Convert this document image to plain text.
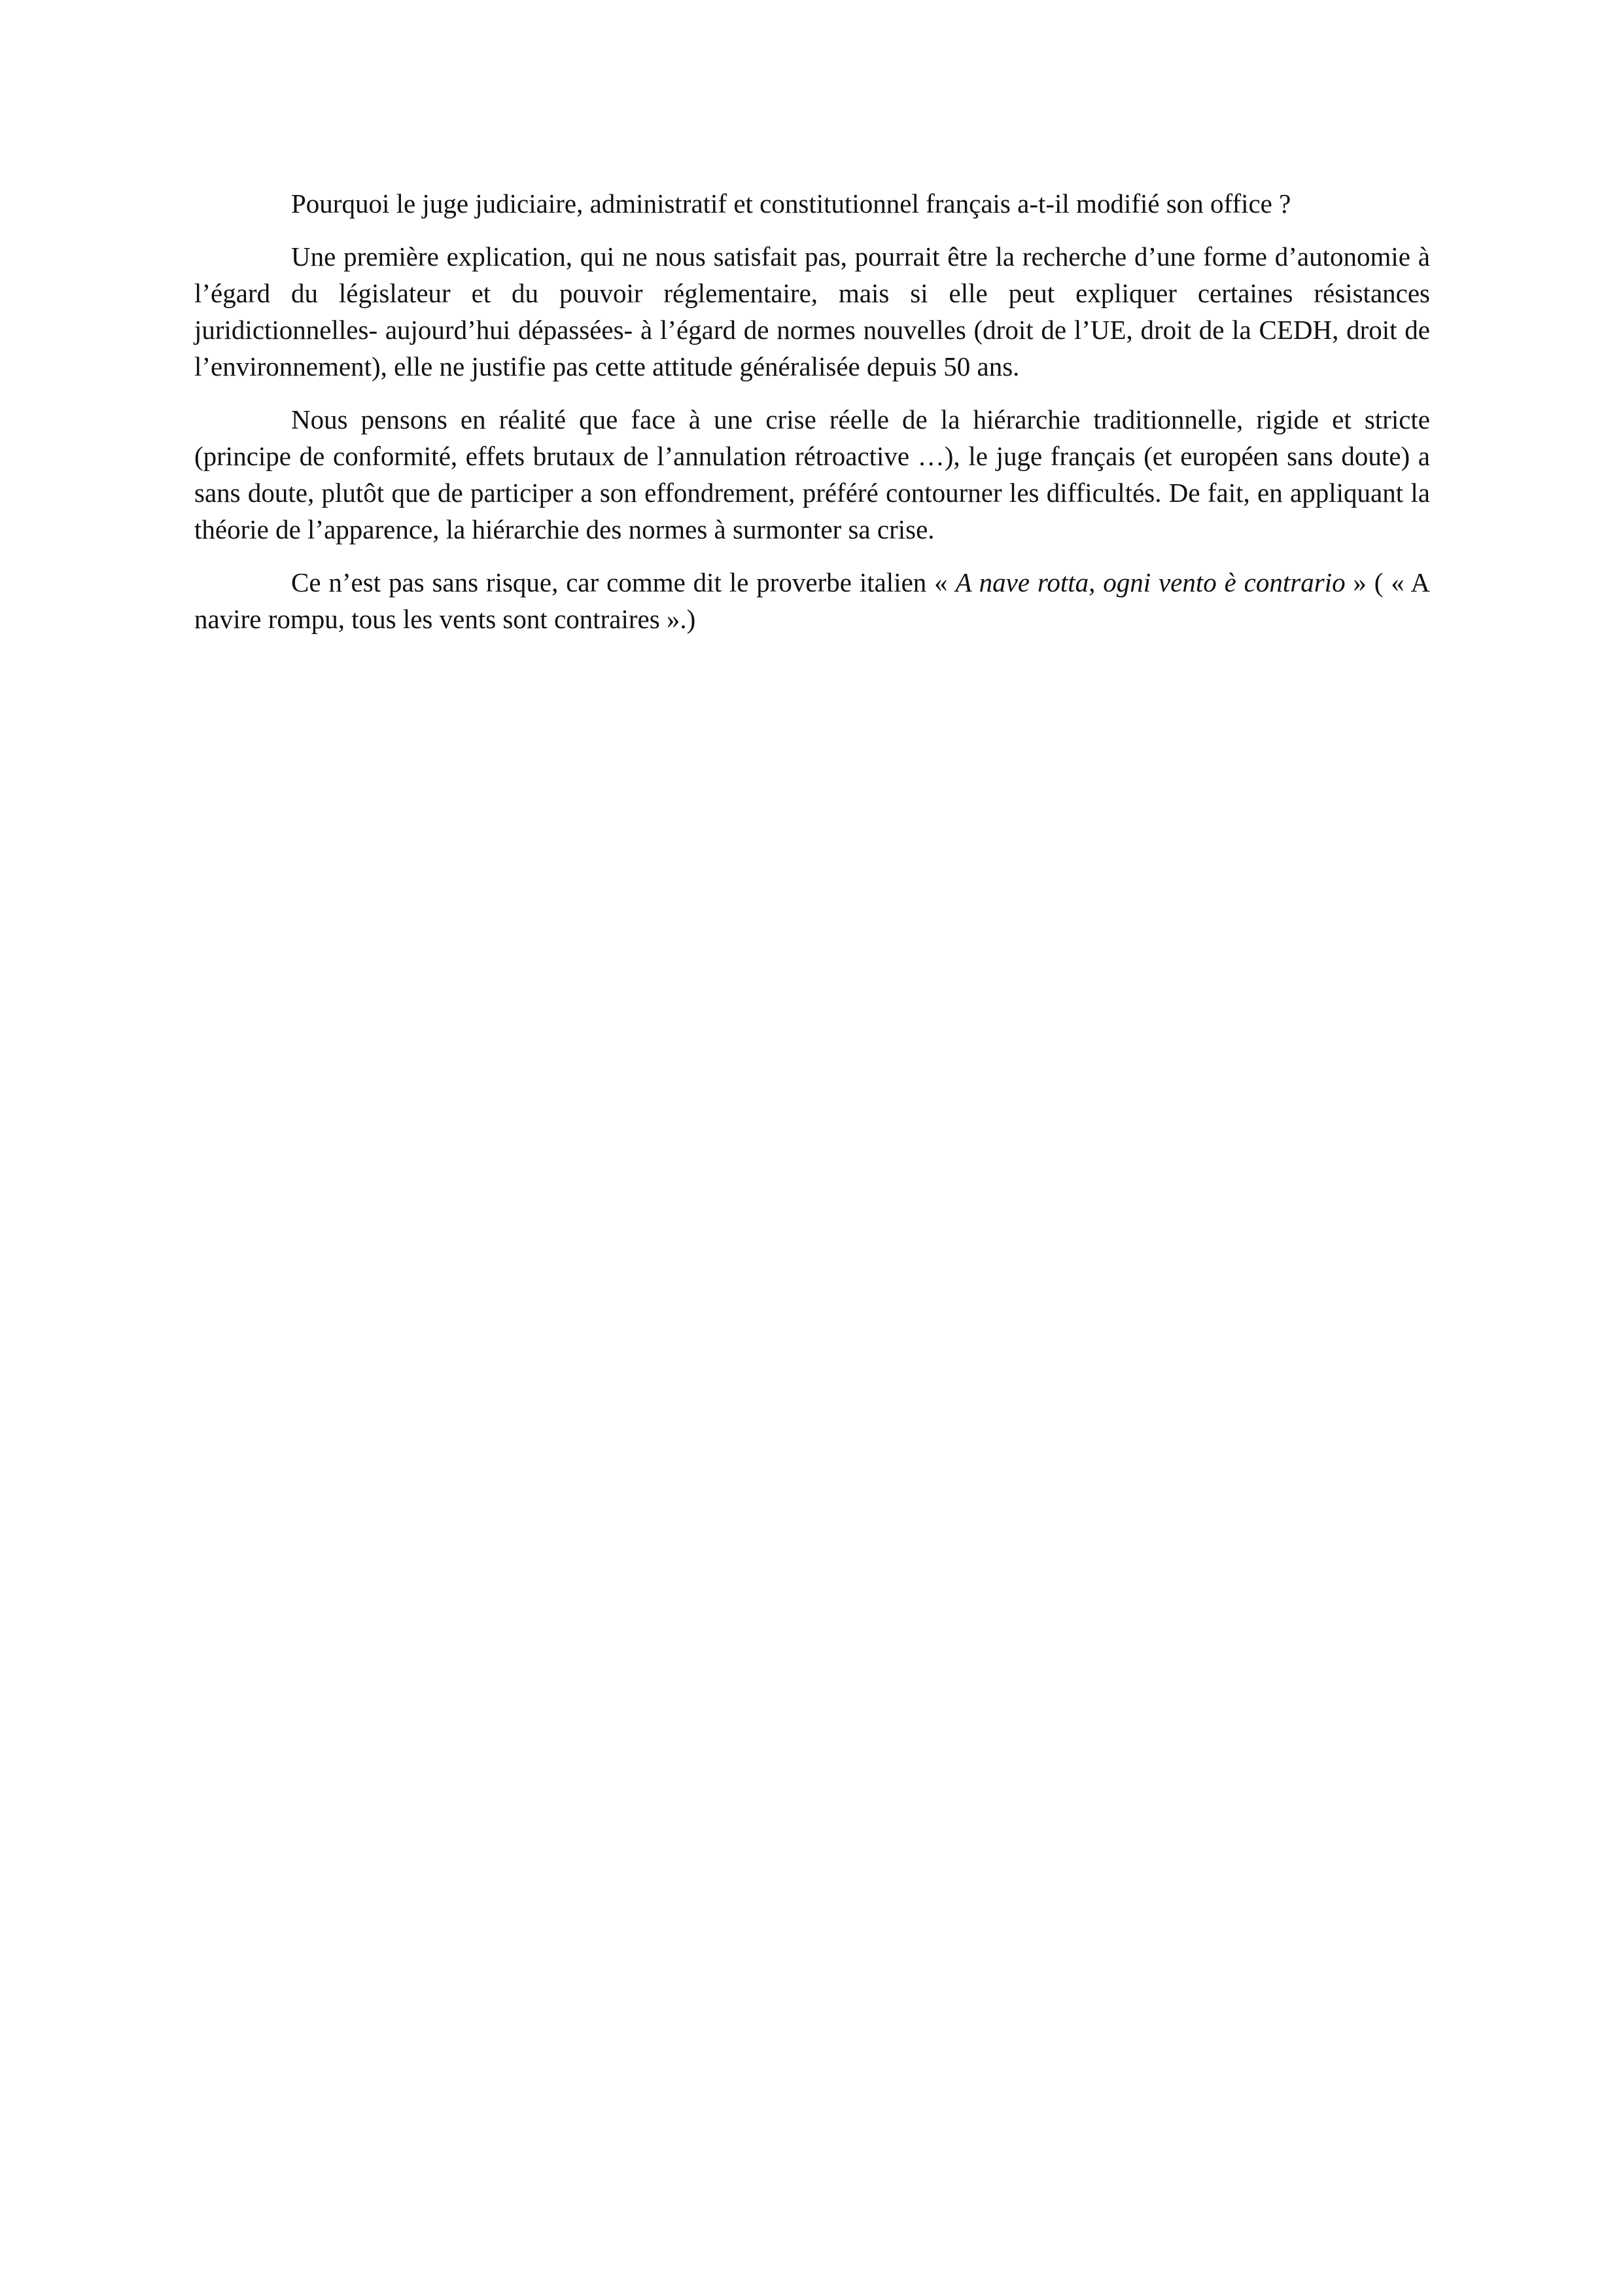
Pourquoi le juge judiciaire, administratif et constitutionnel français a-t-il modifié son office ?

Une première explication, qui ne nous satisfait pas, pourrait être la recherche d’une forme d’autonomie à l’égard du législateur et du pouvoir réglementaire, mais si elle peut expliquer certaines résistances juridictionnelles- aujourd’hui dépassées- à l’égard de normes nouvelles (droit de l’UE, droit de la CEDH, droit de l’environnement), elle ne justifie pas cette attitude généralisée depuis 50 ans.

Nous pensons en réalité que face à une crise réelle de la hiérarchie traditionnelle, rigide et stricte (principe de conformité, effets brutaux de l’annulation rétroactive …), le juge français (et européen sans doute) a sans doute, plutôt que de participer a son effondrement, préféré contourner les difficultés. De fait, en appliquant la théorie de l’apparence, la hiérarchie des normes à surmonter sa crise.

Ce n’est pas sans risque, car comme dit le proverbe italien « A nave rotta, ogni vento è contrario » ( « A navire rompu, tous les vents sont contraires ».)
